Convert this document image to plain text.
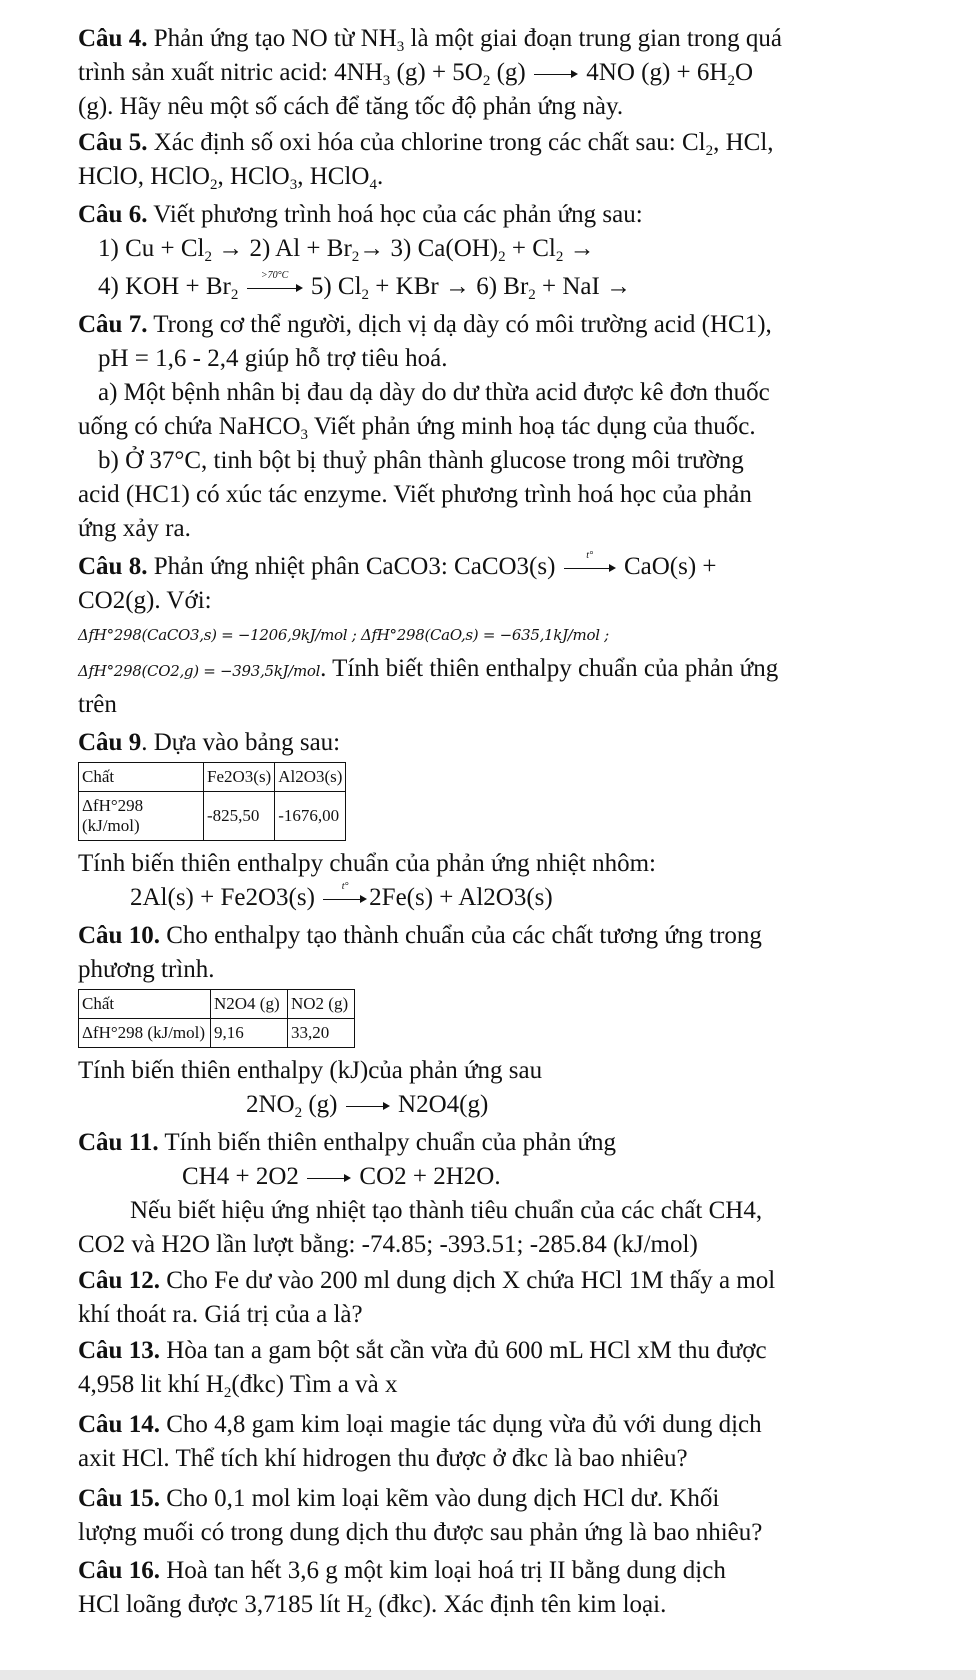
Câu 4. Phản ứng tạo NO từ $NH_3$ là một giai đoạn trung gian trong quá

trình sản xuất nitric acid: $4NH_3$ $(g) + 5O_2$ (g) 4NO $(g) + 6H_2O$

(g). Hãy nêu một số cách để tăng tốc độ phản ứng này.

Câu 5. Xác định số oxi hóa của chlorine trong các chất sau: $Cl_2$, HCl,

HClO, HClO$_2$, HClO$_3$, HClO$_4$.

Câu 6. Viết phương trình hoá học của các phản ứng sau:

1) $Cu + Cl_2 \to 2$) $Al + Br_2\to 3$) $Ca(OH)_2 + Cl_2$ →

4) KOH + $Br_2$
>70°C 5) $Cl_2$ + KBr → 6) $Br_2$ + NaI →

Câu 7. Trong cơ thể người, dịch vị dạ dày có môi trường acid (HC1),

pH = 1,6 - 2,4 giúp hỗ trợ tiêu hoá.

a) Một bệnh nhân bị đau dạ dày do dư thừa acid được kê đơn thuốc

uống có chứa NaHCO$_3$ Viết phản ứng minh hoạ tác dụng của thuốc.

b) Ở 37°C, tinh bột bị thuỷ phân thành glucose trong môi trường

acid (HC1) có xúc tác enzyme. Viết phương trình hoá học của phản

ứng xảy ra.

Câu 8. Phản ứng nhiệt phân CaCO3: CaCO3(s)	t°	CaO(s) +

CO2(g). Với:

ΔfH°298(CaCO3,s) = −1206,9kJ/mol ; ΔfH°298(CaO,s) = −635,1kJ/mol ;

ΔfH°298(CO2,g) = −393,5kJ/mol. Tính biết thiên enthalpy chuẩn của phản ứng

trên

Câu 9. Dựa vào bảng sau:

Chất	Fe2O3(s)	Al2O3(s)
ΔfH°298 (kJ/mol)	-825,50	-1676,00

Tính biến thiên enthalpy chuẩn của phản ứng nhiệt nhôm:

2Al(s) + Fe2O3(s)	t° 2Fe(s) + Al2O3(s)

Câu 10. Cho enthalpy tạo thành chuẩn của các chất tương ứng trong

phương trình.

Chất	N2O4 (g)	NO2 (g)
ΔfH°298 (kJ/mol)	9,16	33,20

Tính biến thiên enthalpy (kJ)của phản ứng sau

$2NO_2$ (g) N2O4(g)

Câu 11. Tính biến thiên enthalpy chuẩn của phản ứng

CH4 + 2O2 CO2 + 2H2O.

Nếu biết hiệu ứng nhiệt tạo thành tiêu chuẩn của các chất CH4,

CO2 và H2O lần lượt bằng: -74.85; -393.51; -285.84 (kJ/mol)

Câu 12. Cho Fe dư vào 200 ml dung dịch X chứa HCl 1M thấy a mol

khí thoát ra. Giá trị của a là?

Câu 13. Hòa tan a gam bột sắt cần vừa đủ 600 mL HCl xM thu được

4,958 lit khí $H_2(đkc)$ Tìm a và x

Câu 14. Cho 4,8 gam kim loại magie tác dụng vừa đủ với dung dịch

axit HCl. Thể tích khí hidrogen thu được ở đkc là bao nhiêu?

Câu 15. Cho 0,1 mol kim loại kẽm vào dung dịch HCl dư. Khối

lượng muối có trong dung dịch thu được sau phản ứng là bao nhiêu?

Câu 16. Hoà tan hết 3,6 g một kim loại hoá trị II bằng dung dịch

HCl loãng được 3,7185 lít $H_2$ (đkc). Xác định tên kim loại.
